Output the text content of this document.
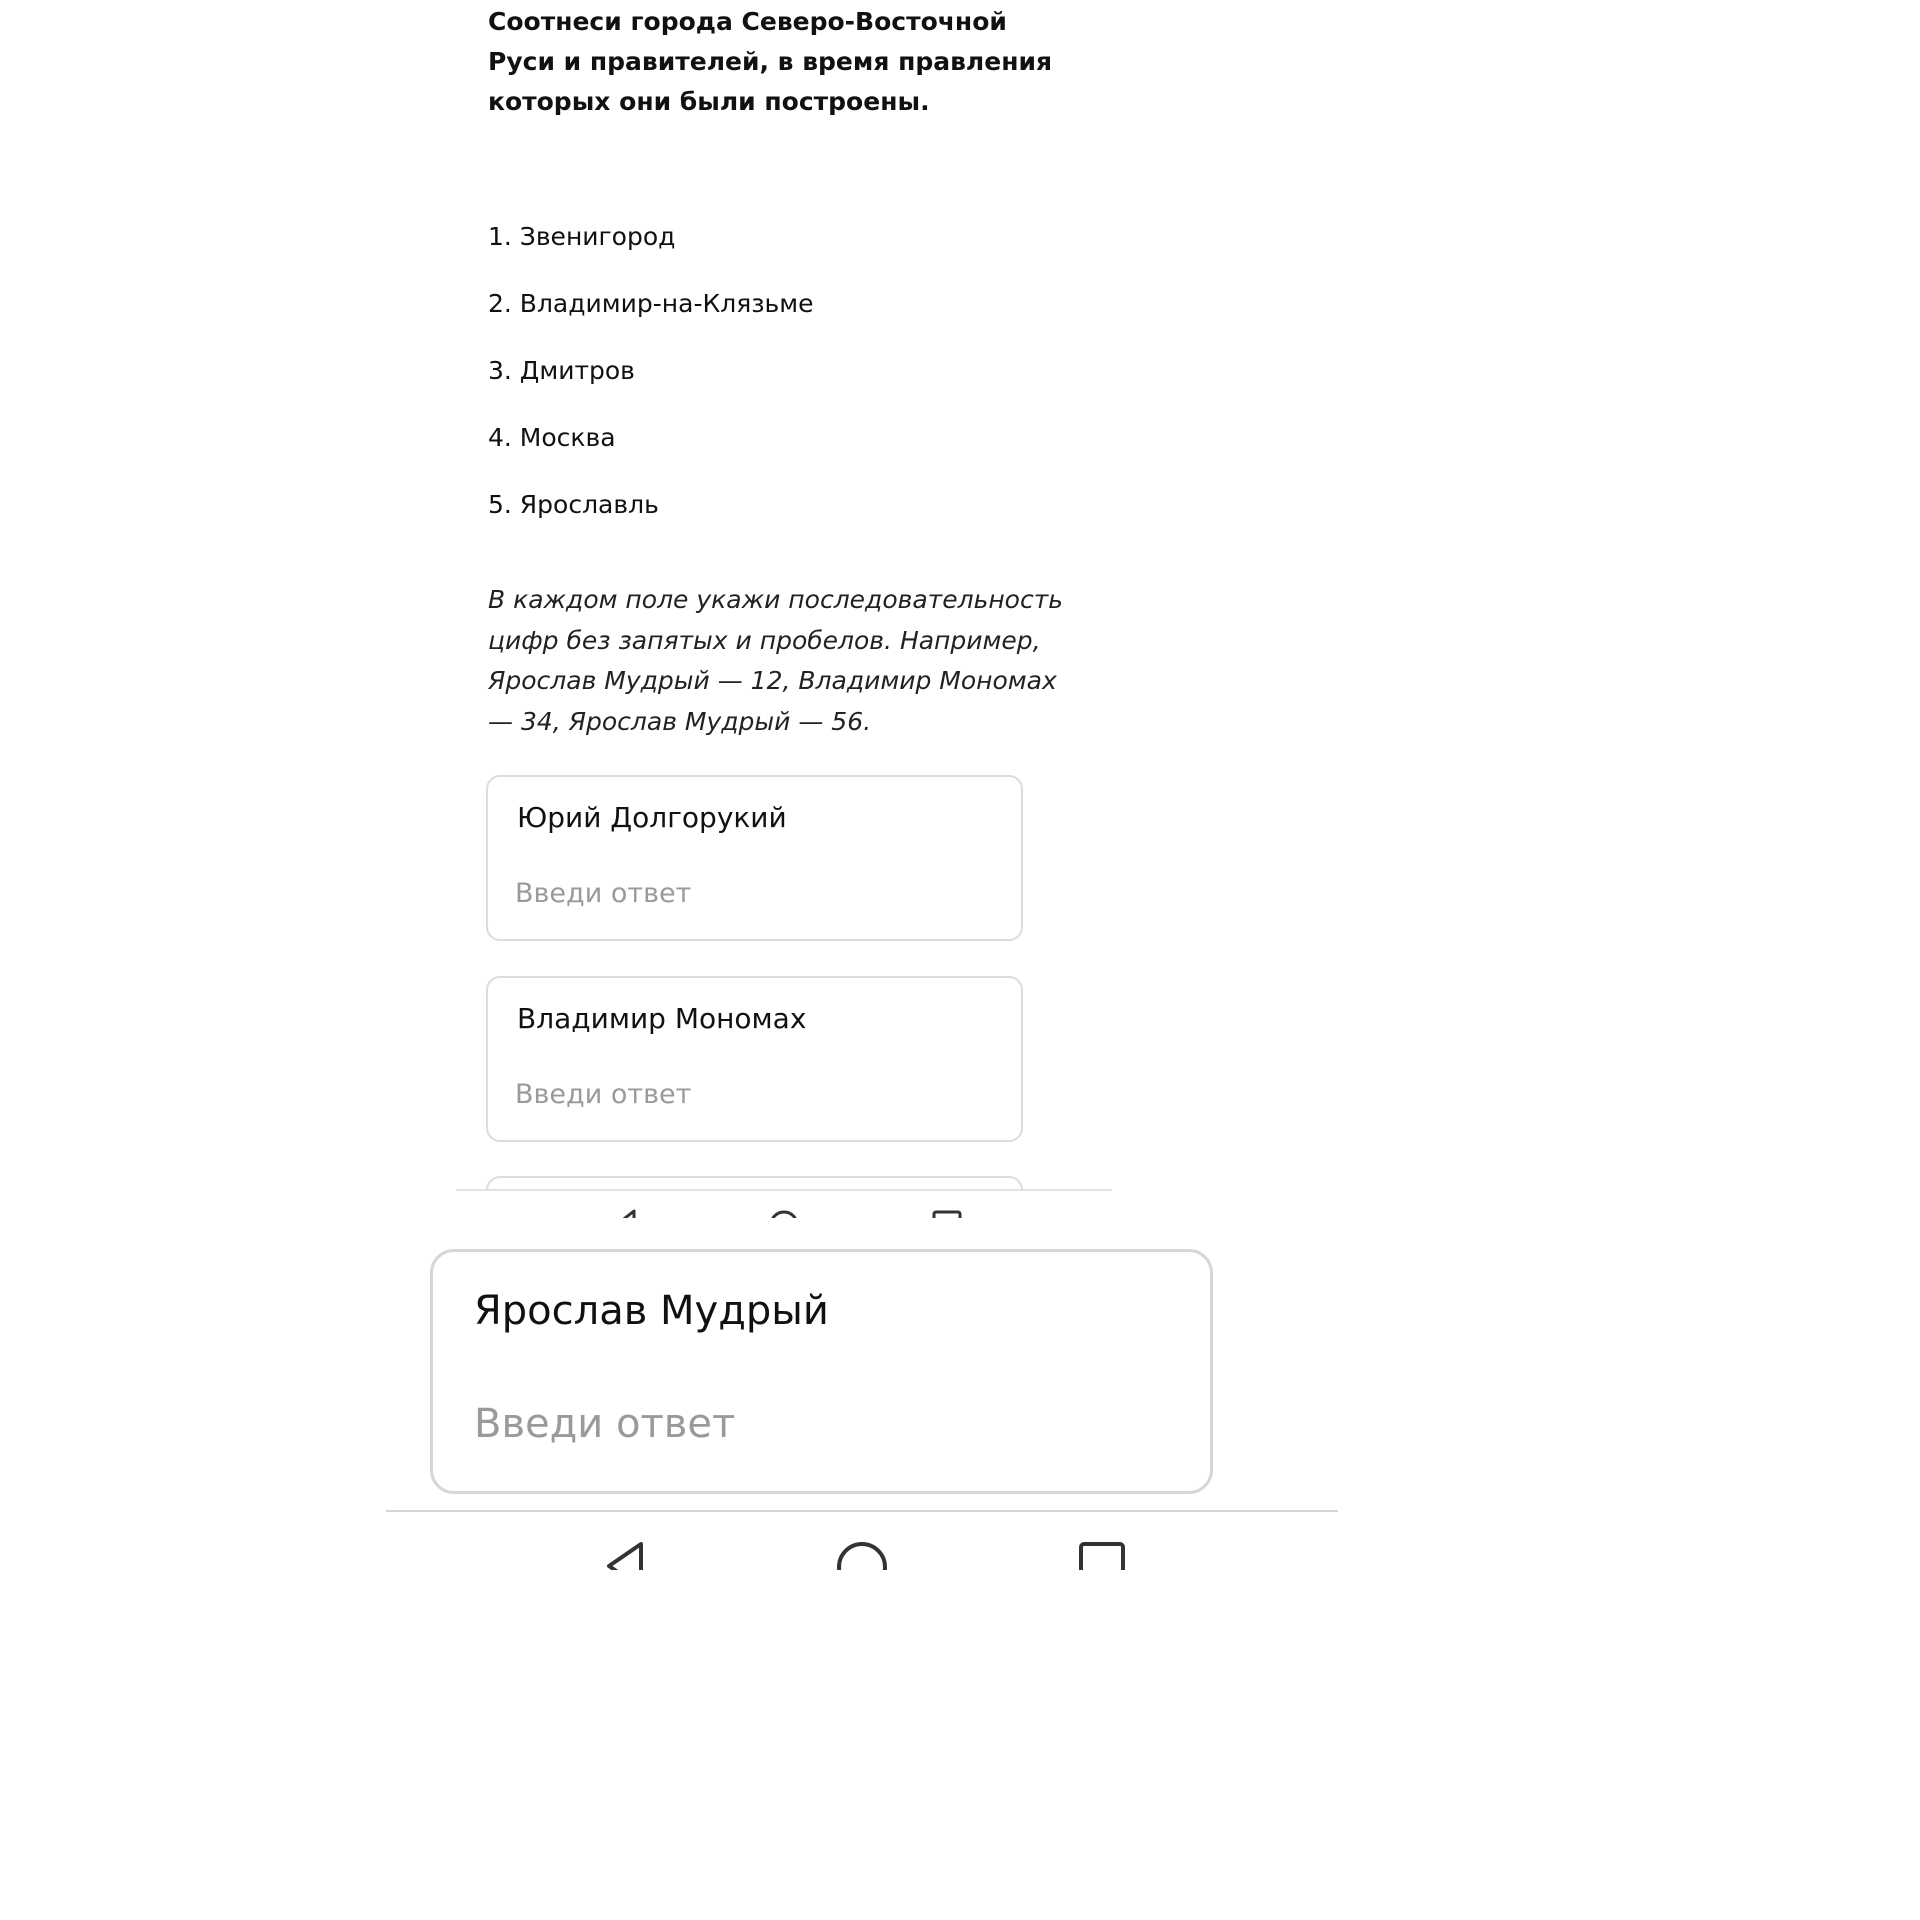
Соотнеси города Северо-Восточной Руси и правителей, в время правления которых они были построены.
1. Звенигород
2. Владимир-на-Клязьме
3. Дмитров
4. Москва
5. Ярославль

В каждом поле укажи последовательность цифр без запятых и пробелов. Например, Ярослав Мудрый — 12, Владимир Мономах — 34, Ярослав Мудрый — 56.

Юрий Долгорукий
Введи ответ
Владимир Мономах
Введи ответ
Ярослав Мудрый
Введи ответ
